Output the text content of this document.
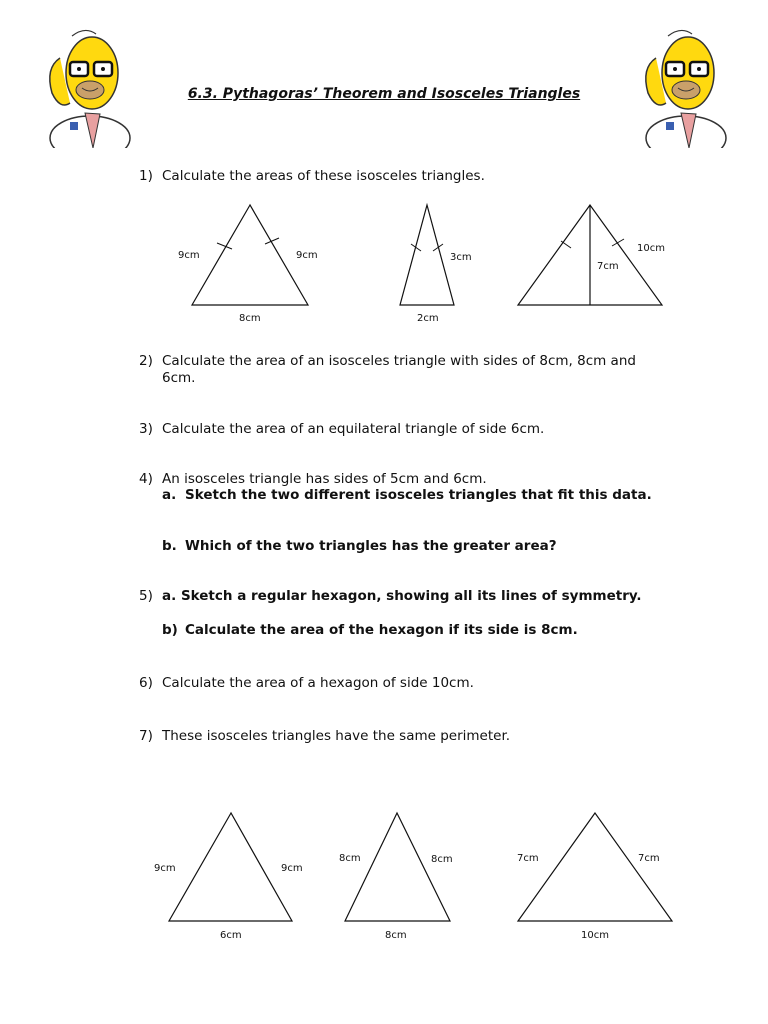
6.3. Pythagoras’ Theorem and Isosceles Triangles
1) Calculate the areas of these isosceles triangles.
9cm	9cm
8cm
3cm
2cm
10cm
7cm
2) Calculate the area of an isosceles triangle with sides of 8cm, 8cm and 6cm.
3) Calculate the area of an equilateral triangle of side 6cm.
4) An isosceles triangle has sides of 5cm and 6cm.
a. Sketch the two different isosceles triangles that fit this data.
b. Which of the two triangles has the greater area?
5) a. Sketch a regular hexagon, showing all its lines of symmetry.
b) Calculate the area of the hexagon if its side is 8cm.
6) Calculate the area of a hexagon of side 10cm.
7) These isosceles triangles have the same perimeter.
9cm	9cm
6cm
8cm	8cm
8cm
7cm	7cm
10cm
